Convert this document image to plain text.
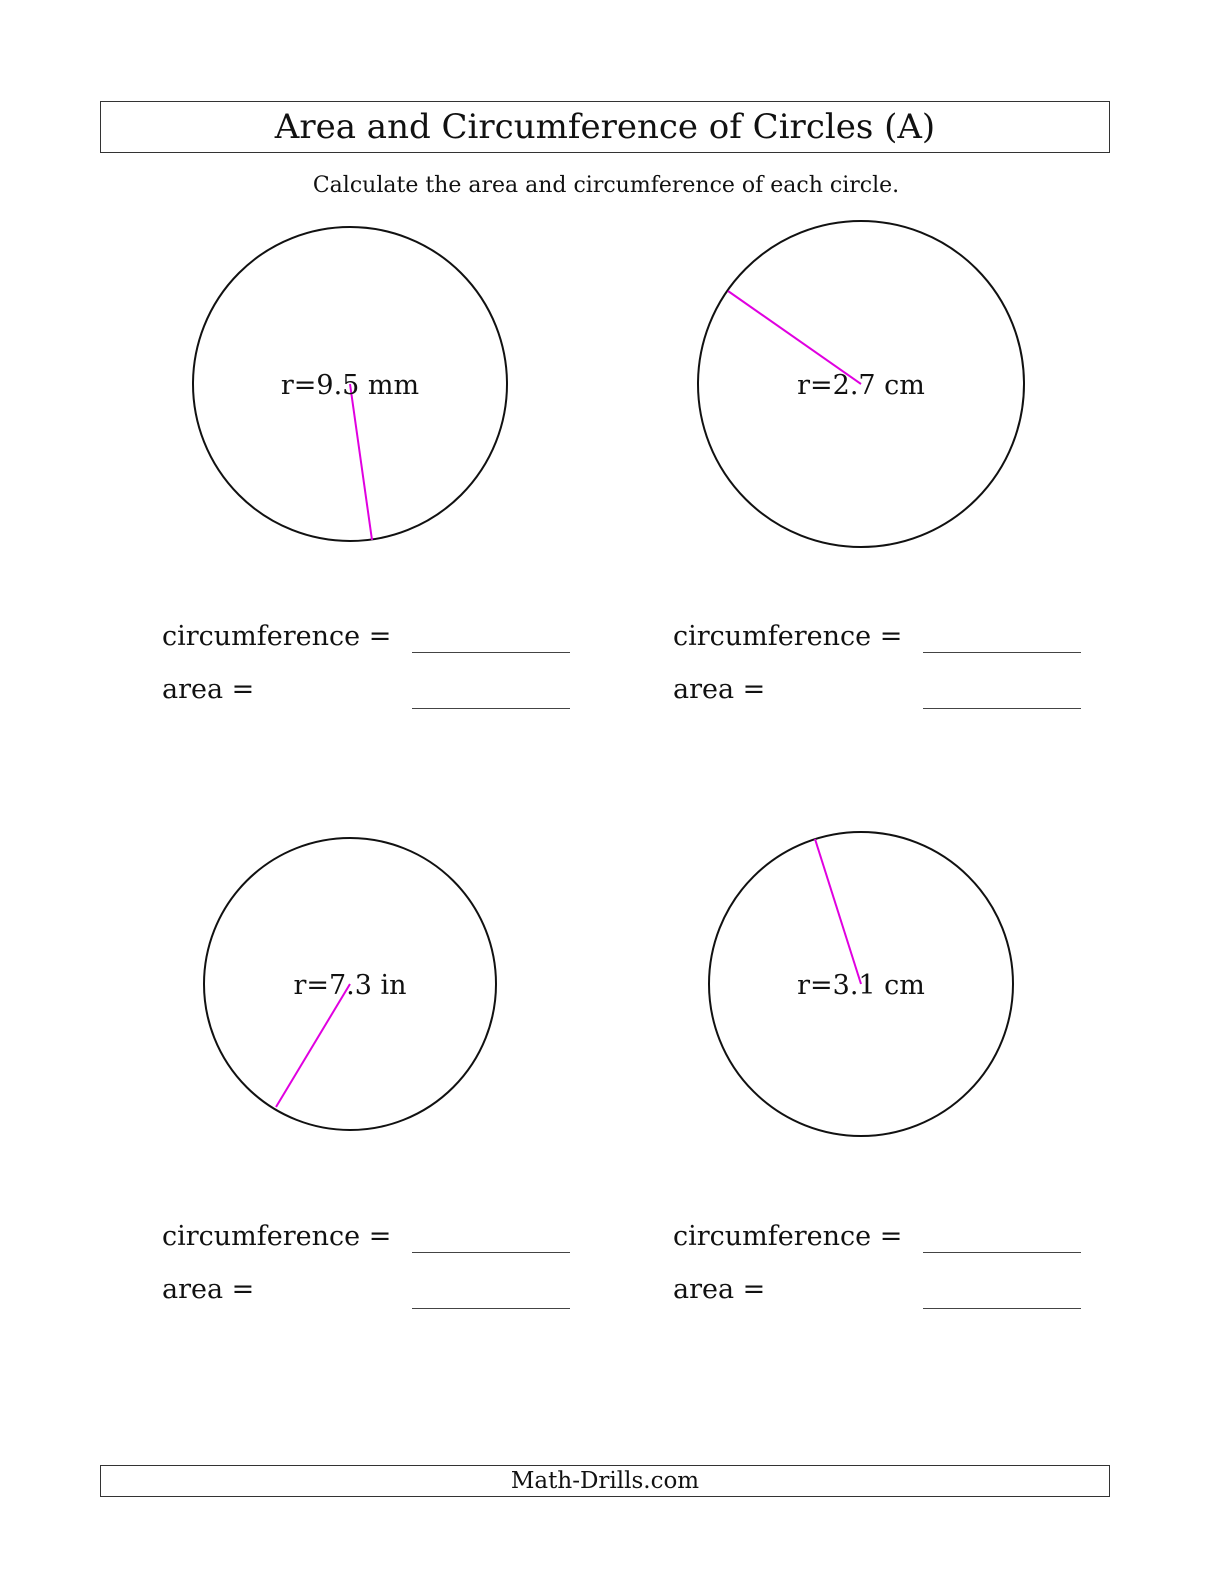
Area and Circumference of Circles (A)
Calculate the area and circumference of each circle.
r=9.5 mm	r=2.7 cm
r=7.3 in	r=3.1 cm
circumference =
area =
circumference =
area =
circumference =
area =
circumference =
area =
Math-Drills.com
